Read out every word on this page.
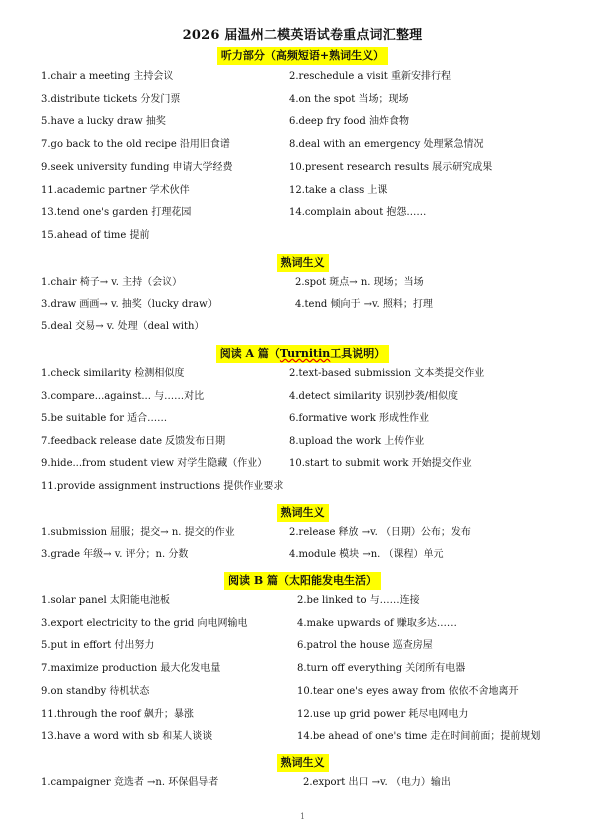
2026 届温州二模英语试卷重点词汇整理
听力部分（高频短语+熟词生义）
1.chair a meeting 主持会议	2.reschedule a visit 重新安排行程
3.distribute tickets 分发门票	4.on the spot 当场；现场
5.have a lucky draw 抽奖	6.deep fry food 油炸食物
7.go back to the old recipe 沿用旧食谱	8.deal with an emergency 处理紧急情况
9.seek university funding 申请大学经费	10.present research results 展示研究成果
11.academic partner 学术伙伴	12.take a class 上课
13.tend one's garden 打理花园	14.complain about 抱怨……
15.ahead of time 提前
熟词生义
1.chair 椅子→ v. 主持（会议）	2.spot 斑点→ n. 现场；当场
3.draw 画画→ v. 抽奖（lucky draw）	4.tend 倾向于 →v. 照料；打理
5.deal 交易→ v. 处理（deal with）
阅读 A 篇（Turnitin工具说明）
1.check similarity 检测相似度	2.text-based submission 文本类提交作业
3.compare...against... 与……对比	4.detect similarity 识别抄袭/相似度
5.be suitable for 适合……	6.formative work 形成性作业
7.feedback release date 反馈发布日期	8.upload the work 上传作业
9.hide...from student view 对学生隐藏（作业） 10.start to submit work 开始提交作业
11.provide assignment instructions 提供作业要求
熟词生义
1.submission 屈服；提交→ n. 提交的作业	2.release 释放 →v. （日期）公布；发布
3.grade 年级→ v. 评分；n. 分数	4.module 模块 →n. （课程）单元
阅读 B 篇（太阳能发电生活）
1.solar panel 太阳能电池板	2.be linked to 与……连接
3.export electricity to the grid 向电网输电	4.make upwards of 赚取多达……
5.put in effort 付出努力	6.patrol the house 巡查房屋
7.maximize production 最大化发电量	8.turn off everything 关闭所有电器
9.on standby 待机状态	10.tear one's eyes away from 依依不舍地离开
11.through the roof 飙升；暴涨	12.use up grid power 耗尽电网电力
13.have a word with sb 和某人谈谈	14.be ahead of one's time 走在时间前面；提前规划
熟词生义
1.campaigner 竞选者 →n. 环保倡导者	2.export 出口 →v. （电力）输出
1
